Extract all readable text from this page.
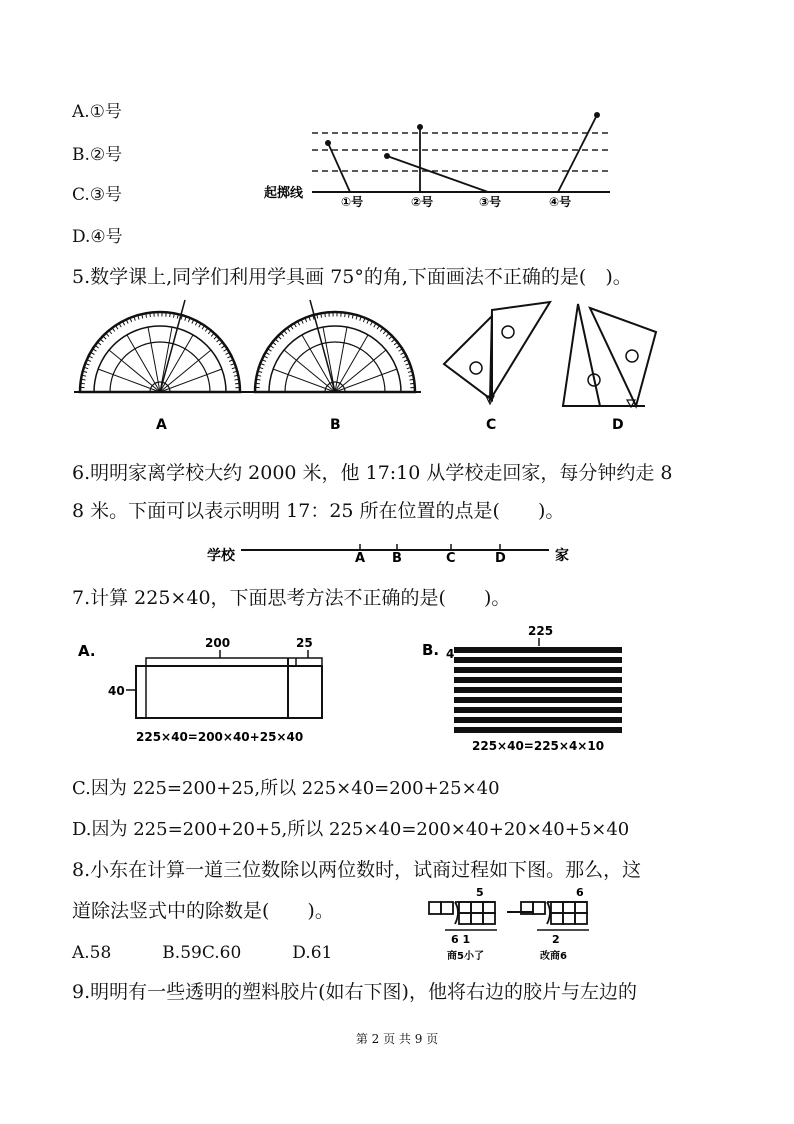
A.①号
B.②号
C.③号
D.④号
起掷线
①号	②号	③号	④号
5.数学课上,同学们利用学具画 75°的角,下面画法不正确的是(　)。
A	B	C	D
6.明明家离学校大约 2000 米，他 17:10 从学校走回家，每分钟约走 8
8 米。下面可以表示明明 17：25 所在位置的点是(　　)。
学校	家
A B	C	D
7.计算 225×40，下面思考方法不正确的是(　　)。
A.	200	25
40
225×40=200×40+25×40
B.
225
4
225×40=225×4×10
C.因为 225=200+25,所以 225×40=200+25×40
D.因为 225=200+20+5,所以 225×40=200×40+20×40+5×40
8.小东在计算一道三位数除以两位数时，试商过程如下图。那么，这
道除法竖式中的除数是(　　)。
A.58　　　B.59C.60　　　D.61
5	6
6 1	2
商5小了	改商6
9.明明有一些透明的塑料胶片(如右下图)，他将右边的胶片与左边的
第 2 页 共 9 页
